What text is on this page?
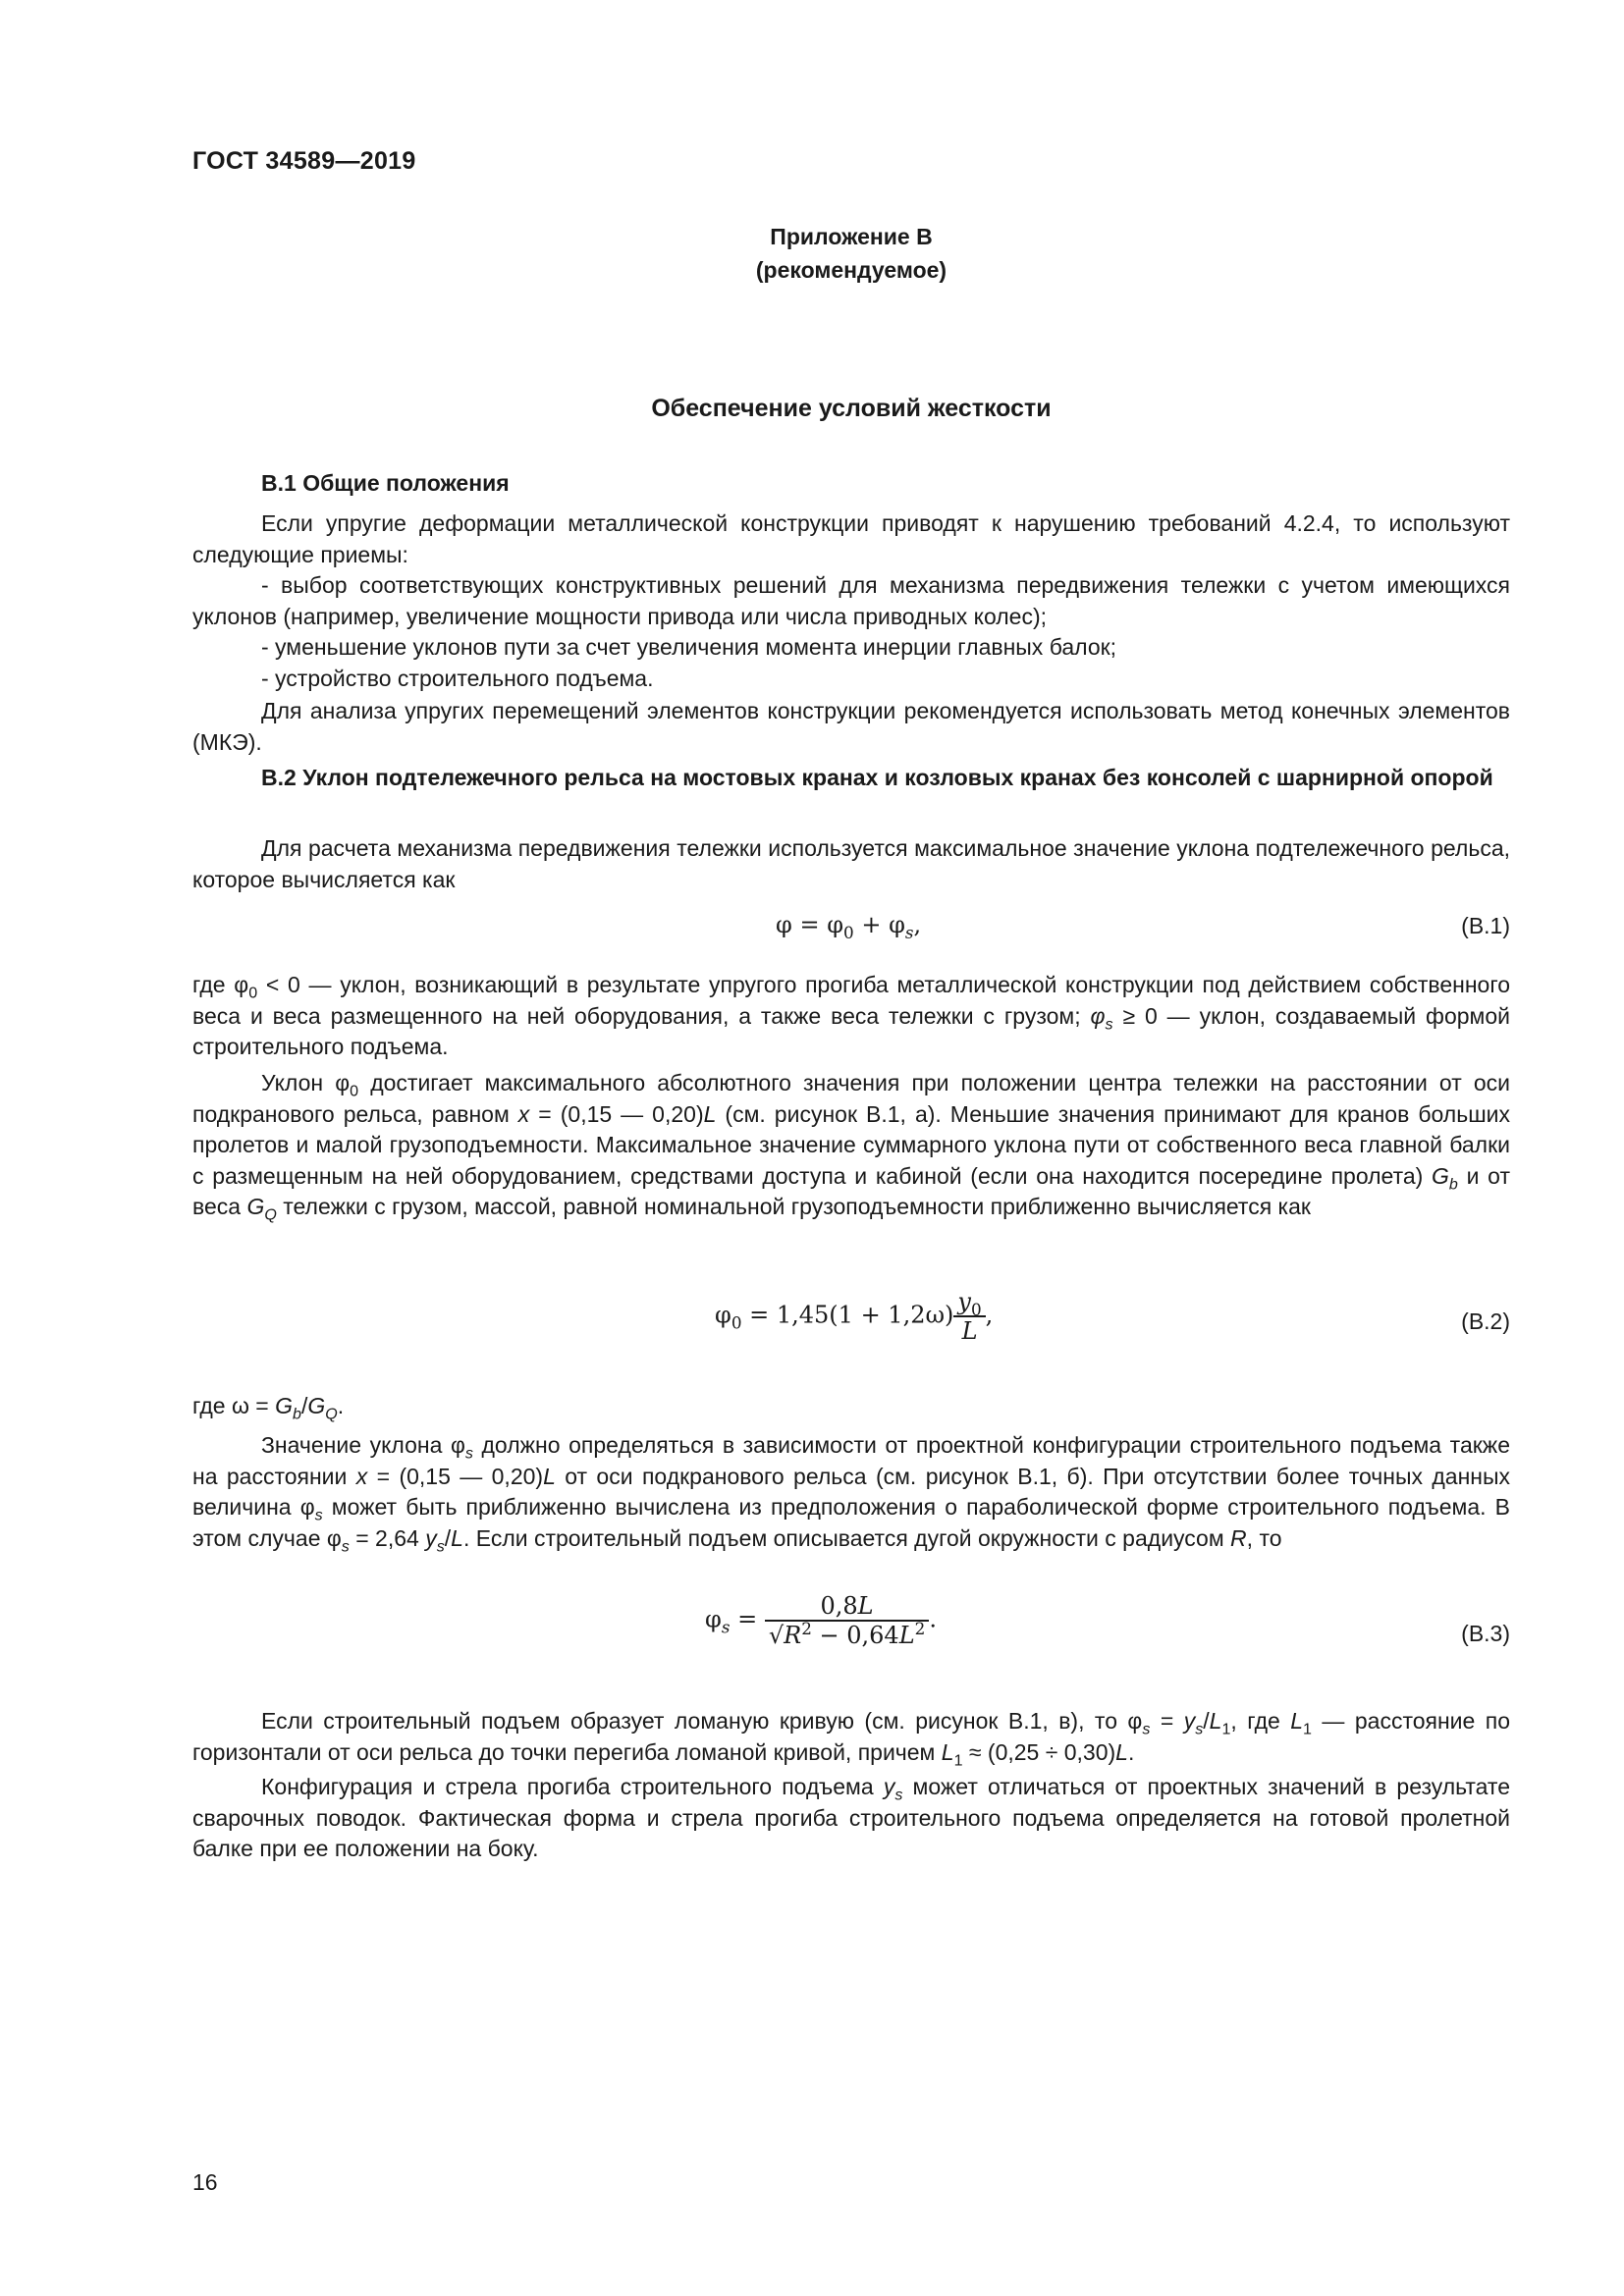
ГОСТ 34589—2019
Приложение В
(рекомендуемое)
Обеспечение условий жесткости
В.1 Общие положения
Если упругие деформации металлической конструкции приводят к нарушению требований 4.2.4, то используют следующие приемы:
- выбор соответствующих конструктивных решений для механизма передвижения тележки с учетом имеющихся уклонов (например, увеличение мощности привода или числа приводных колес);
- уменьшение уклонов пути за счет увеличения момента инерции главных балок;
- устройство строительного подъема.
Для анализа упругих перемещений элементов конструкции рекомендуется использовать метод конечных элементов (МКЭ).
В.2 Уклон подтележечного рельса на мостовых кранах и козловых кранах без консолей с шарнирной опорой
Для расчета механизма передвижения тележки используется максимальное значение уклона подтележечного рельса, которое вычисляется как
$\varphi = \varphi_0 + \varphi_s$,	(В.1)
где $\varphi_0 < 0$ — уклон, возникающий в результате упругого прогиба металлической конструкции под действием собственного веса и веса размещенного на ней оборудования, а также веса тележки с грузом; $\varphi_s \ge 0$ — уклон, создаваемый формой строительного подъема.
Уклон $\varphi_0$ достигает максимального абсолютного значения при положении центра тележки на расстоянии от оси подкранового рельса, равном x = (0,15 — 0,20)L (см. рисунок В.1, а). Меньшие значения принимают для кранов больших пролетов и малой грузоподъемности. Максимальное значение суммарного уклона пути от собственного веса главной балки с размещенным на ней оборудованием, средствами доступа и кабиной (если она находится посередине пролета) $G_b$ и от веса $G_Q$ тележки с грузом, массой, равной номинальной грузоподъемности приближенно вычисляется как
$\varphi_0 = 1,45(1 + 1,2\omega) \frac{y_0}{L}$ ,	(В.2)
где $\omega = G_b/G_Q$.
Значение уклона $\varphi_s$ должно определяться в зависимости от проектной конфигурации строительного подъема также на расстоянии x = (0,15 — 0,20)L от оси подкранового рельса (см. рисунок В.1, б). При отсутствии более точных данных величина $\varphi_s$ может быть приближенно вычислена из предположения о параболической форме строительного подъема. В этом случае $\varphi_s = 2,64$ $y_s/L$. Если строительный подъем описывается дугой окружности с радиусом R, то
$\varphi_s = \frac{0,8L}{√R^2 - 0,64L^2}$ .
(В.3)
Если строительный подъем образует ломаную кривую (см. рисунок В.1, в), то $\varphi_s = y_s/L_1$, где $L_1$ — расстояние по горизонтали от оси рельса до точки перегиба ломаной кривой, причем $L_1 \approx (0,25 \div 0,30)L$.
Конфигурация и стрела прогиба строительного подъема $y_s$ может отличаться от проектных значений в результате сварочных поводок. Фактическая форма и стрела прогиба строительного подъема определяется на готовой пролетной балке при ее положении на боку.
16
